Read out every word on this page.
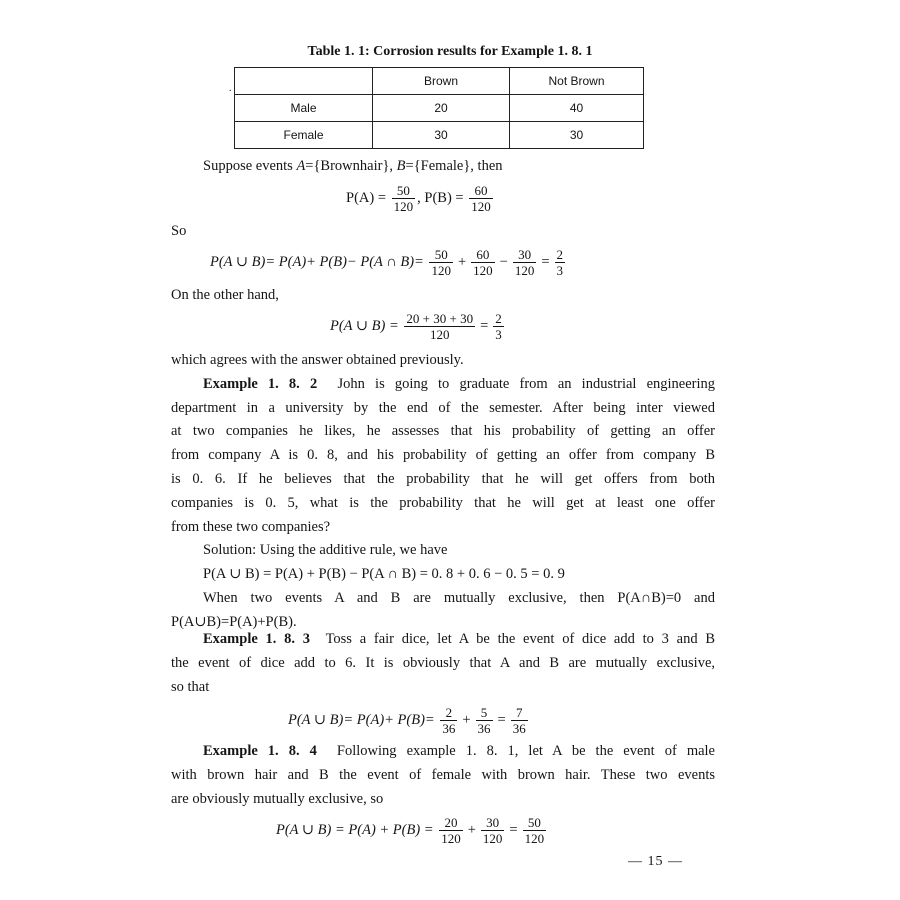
Table 1. 1: Corrosion results for Example 1. 8. 1
.
	Brown	Not Brown
Male	20	40
Female	30	30
Suppose events A={Brownhair}, B={Female}, then
$P(A) = \frac{50}{120}$ , $P(B) = \frac{60}{120}$
So
P(A ∪ B)= P(A)+ P(B)− P(A ∩ $B)= \frac{50}{120} + \frac{60}{120} - \frac{30}{120} = \frac{2}{3}$
On the other hand,
P(A ∪ $B) = \frac{20 + 30 + 30}{120} = \frac{2}{3}$
which agrees with the answer obtained previously.
Example 1. 8. 2 John is going to graduate from an industrial engineering
department in a university by the end of the semester. After being inter viewed
at two companies he likes, he assesses that his probability of getting an offer
from company A is 0. 8, and his probability of getting an offer from company B
is 0. 6. If he believes that the probability that he will get offers from both
companies is 0. 5, what is the probability that he will get at least one offer
from these two companies?
Solution: Using the additive rule, we have
P(A ∪ B) = P(A) + P(B) − P(A ∩ B) = 0. 8 + 0. 6 − 0. 5 = 0. 9
When two events A and B are mutually exclusive, then P(A∩B)=0 and
P(A∪B)=P(A)+P(B).
Example 1. 8. 3 Toss a fair dice, let A be the event of dice add to 3 and B
the event of dice add to 6. It is obviously that A and B are mutually exclusive,
so that
P(A ∪ $B)= P(A)+ P(B)= \frac{2}{36} + \frac{5}{36} = \frac{7}{36}$
Example 1. 8. 4 Following example 1. 8. 1, let A be the event of male
with brown hair and B the event of female with brown hair. These two events
are obviously mutually exclusive, so
P(A ∪ $B) = P(A) + P(B) = \frac{20}{120} + \frac{30}{120} = \frac{50}{120}$
— 15 —
